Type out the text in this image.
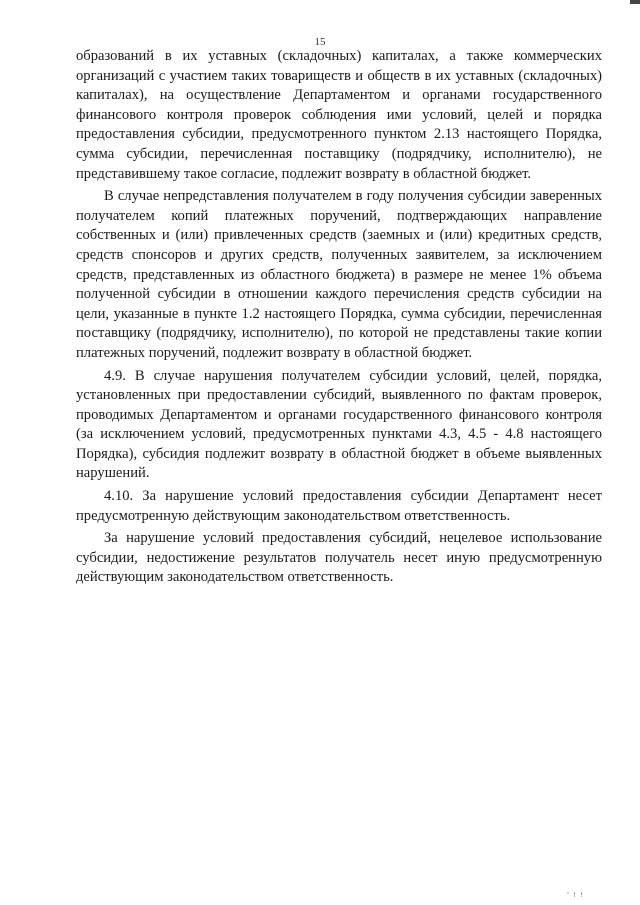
15

образований в их уставных (складочных) капиталах, а также коммерческих организаций с участием таких товариществ и обществ в их уставных (складочных) капиталах), на осуществление Департаментом и органами государственного финансового контроля проверок соблюдения ими условий, целей и порядка предоставления субсидии, предусмотренного пунктом 2.13 настоящего Порядка, сумма субсидии, перечисленная поставщику (подрядчику, исполнителю), не представившему такое согласие, подлежит возврату в областной бюджет.

В случае непредставления получателем в году получения субсидии заверенных получателем копий платежных поручений, подтверждающих направление собственных и (или) привлеченных средств (заемных и (или) кредитных средств, средств спонсоров и других средств, полученных заявителем, за исключением средств, представленных из областного бюджета) в размере не менее 1% объема полученной субсидии в отношении каждого перечисления средств субсидии на цели, указанные в пункте 1.2 настоящего Порядка, сумма субсидии, перечисленная поставщику (подрядчику, исполнителю), по которой не представлены такие копии платежных поручений, подлежит возврату в областной бюджет.

4.9. В случае нарушения получателем субсидии условий, целей, порядка, установленных при предоставлении субсидий, выявленного по фактам проверок, проводимых Департаментом и органами государственного финансового контроля (за исключением условий, предусмотренных пунктами 4.3, 4.5 - 4.8 настоящего Порядка), субсидия подлежит возврату в областной бюджет в объеме выявленных нарушений.

4.10. За нарушение условий предоставления субсидии Департамент несет предусмотренную действующим законодательством ответственность.

За нарушение условий предоставления субсидий, нецелевое использование субсидии, недостижение результатов получатель несет иную предусмотренную действующим законодательством ответственность.

' ! !
